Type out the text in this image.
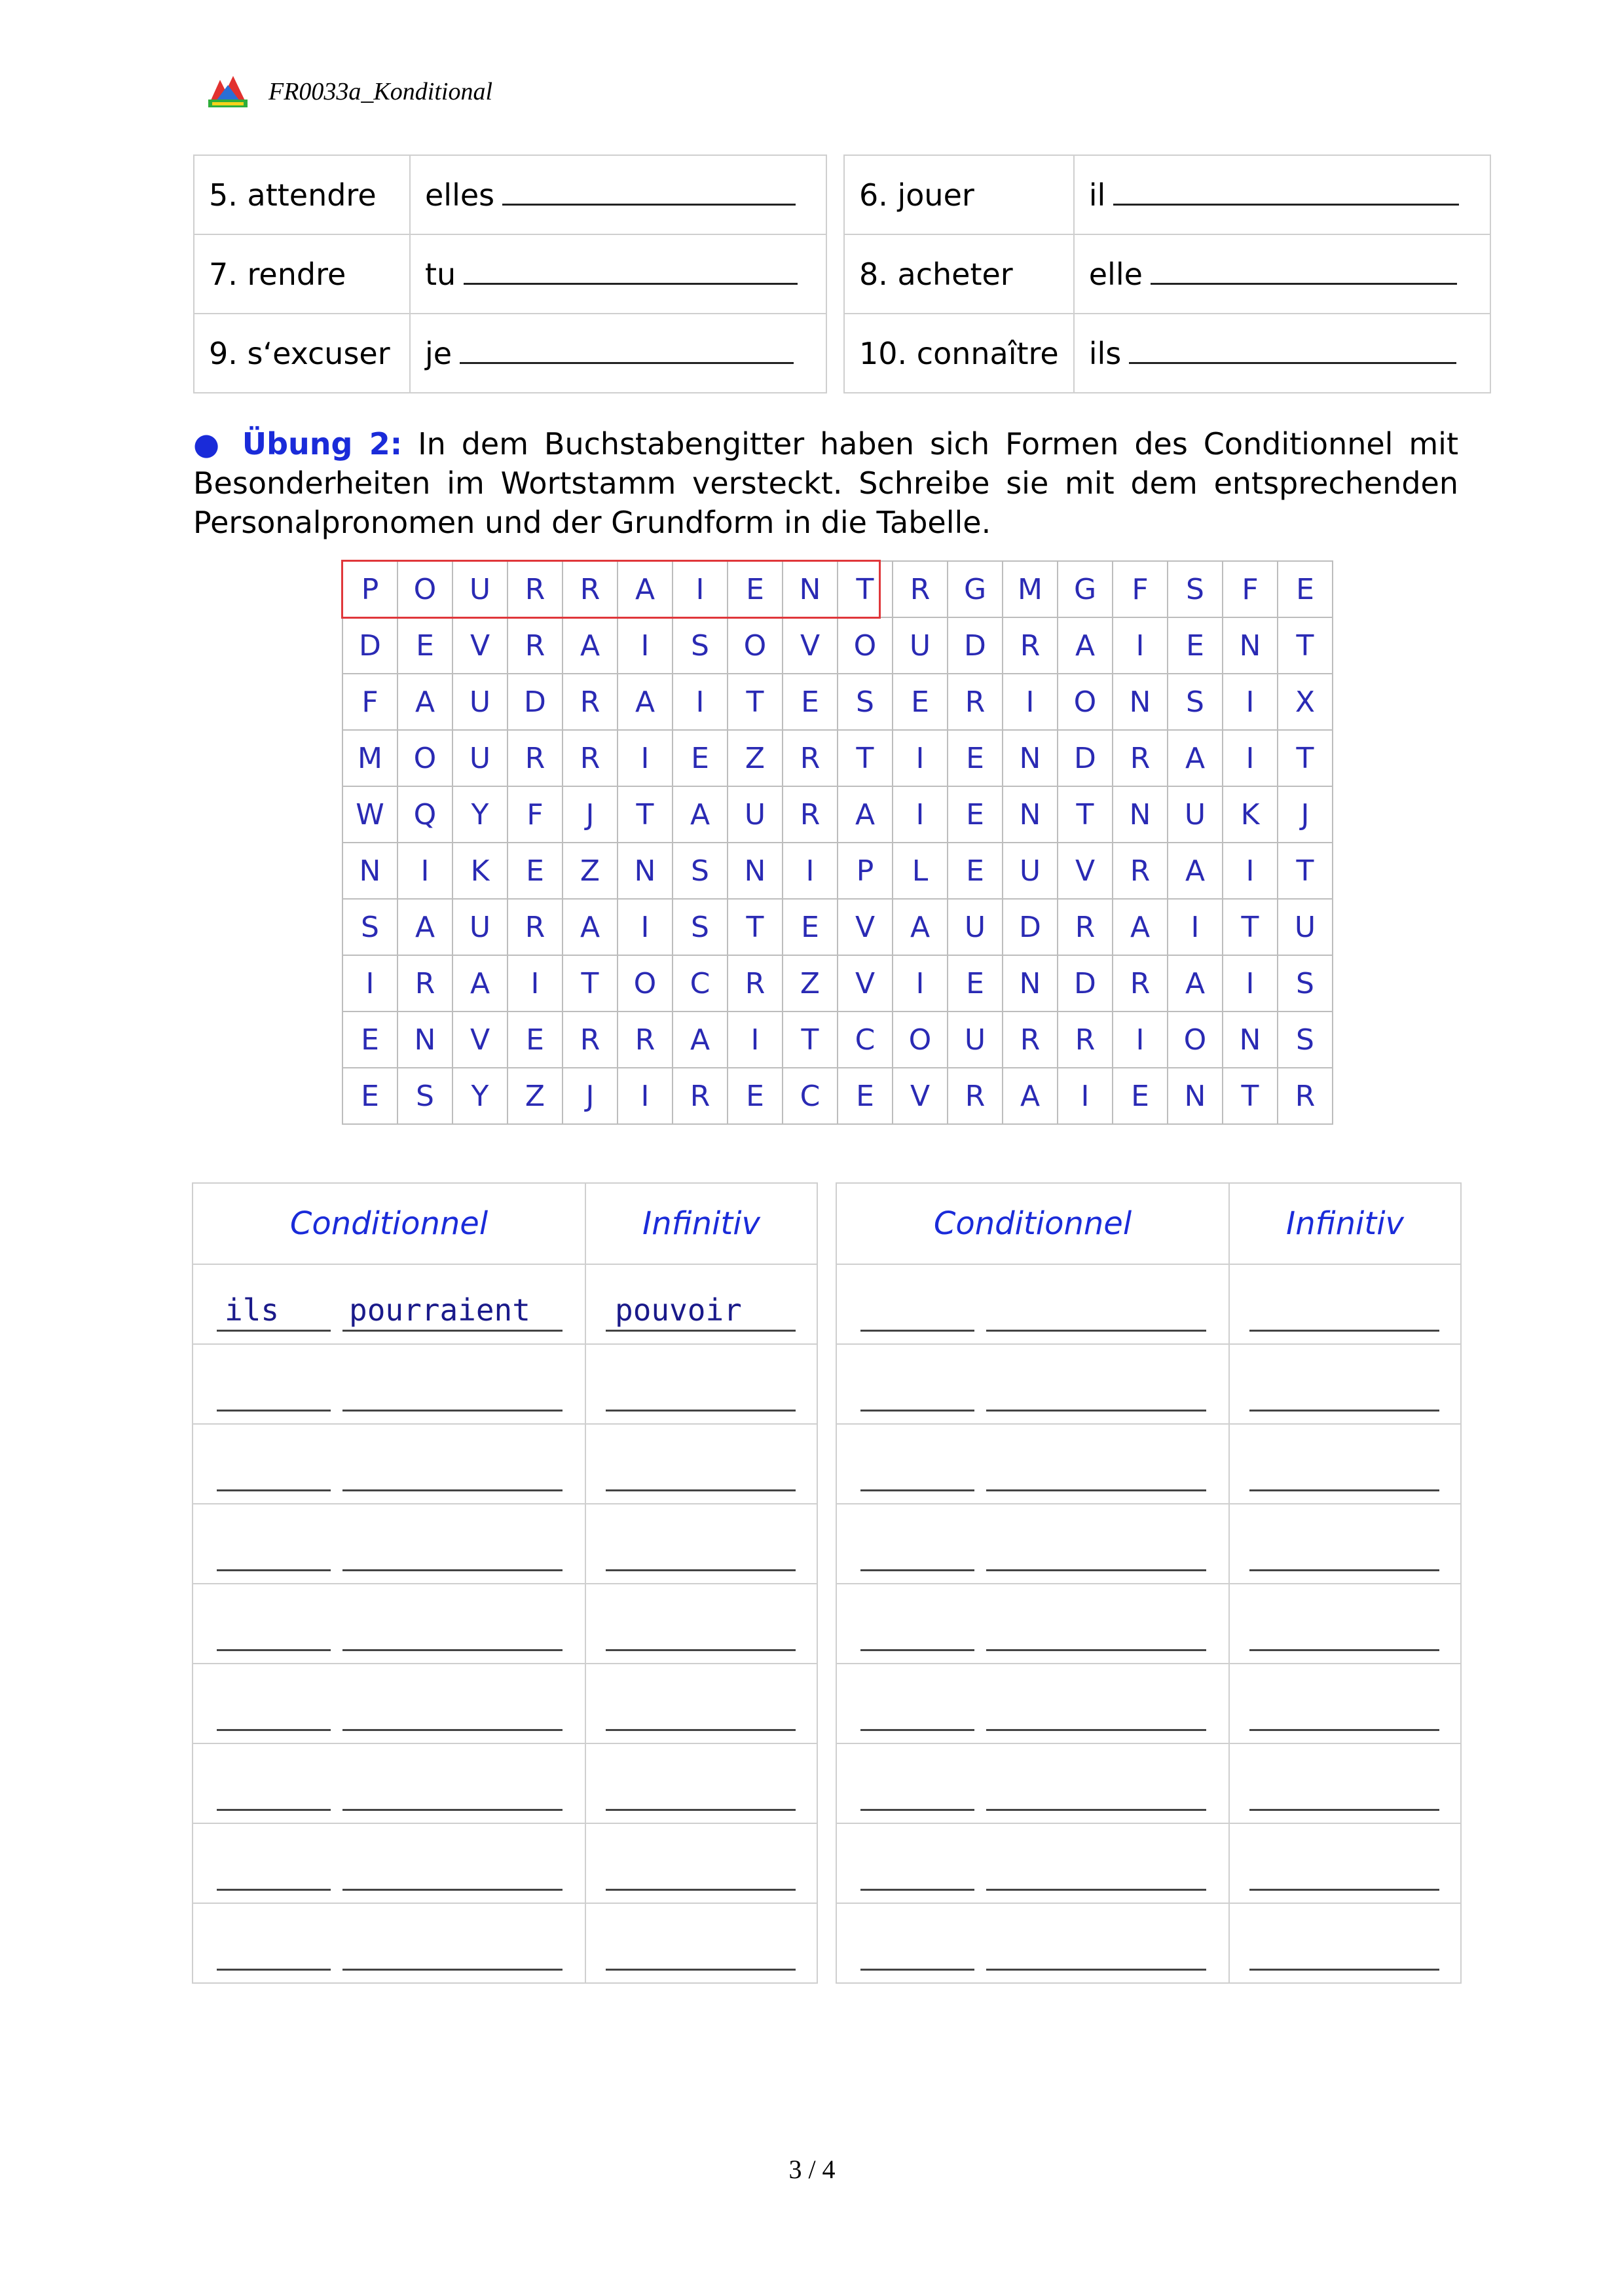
FR0033a_Konditional
5. attendre	elles
7. rendre	tu
9. s‘excuser	je
6. jouer	il
8. acheter	elle
10. connaître	ils
● Übung 2: In dem Buchstabengitter haben sich Formen des Conditionnel mit Besonderheiten im Wortstamm versteckt. Schreibe sie mit dem entsprechenden Personalpronomen und der Grundform in die Tabelle.
P	O	U	R	R	A	I	E	N	T	R	G	M	G	F	S	F	E
D	E	V	R	A	I	S	O	V	O	U	D	R	A	I	E	N	T
F	A	U	D	R	A	I	T	E	S	E	R	I	O	N	S	I	X
M	O	U	R	R	I	E	Z	R	T	I	E	N	D	R	A	I	T
W	Q	Y	F	J	T	A	U	R	A	I	E	N	T	N	U	K	J
N	I	K	E	Z	N	S	N	I	P	L	E	U	V	R	A	I	T
S	A	U	R	A	I	S	T	E	V	A	U	D	R	A	I	T	U
I	R	A	I	T	O	C	R	Z	V	I	E	N	D	R	A	I	S
E	N	V	E	R	R	A	I	T	C	O	U	R	R	I	O	N	S
E	S	Y	Z	J	I	R	E	C	E	V	R	A	I	E	N	T	R
Conditionnel	Infinitiv

ils pourraient	pouvoir

Conditionnel	Infinitiv

3 / 4
